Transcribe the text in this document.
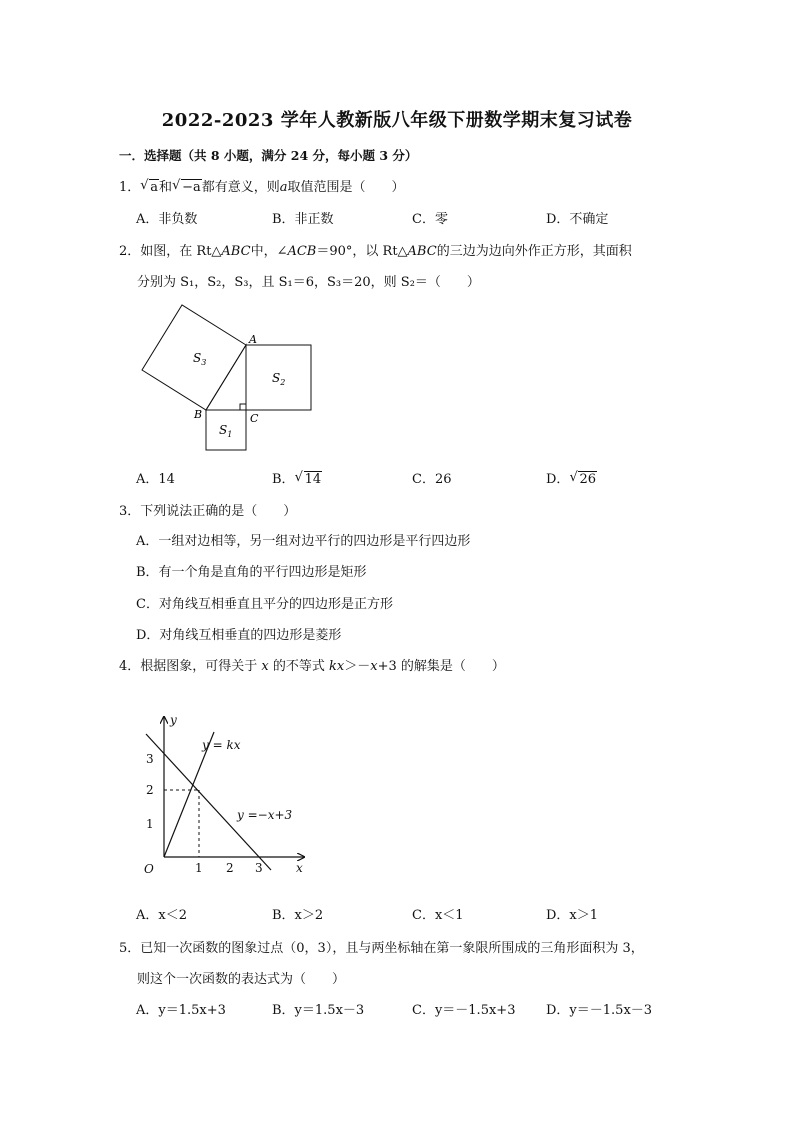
2022-2023 学年人教新版八年级下册数学期末复习试卷
一．选择题（共 8 小题，满分 24 分，每小题 3 分）
1． √ a和 √ −a都有意义，则a取值范围是（　　）
A．非负数	B．非正数	C．零	D．不确定
2．如图，在 Rt△ABC中，∠ACB＝90°，以 Rt△ABC的三边为边向外作正方形，其面积
分别为 S₁，S₂，S₃，且 S₁＝6，S₃＝20，则 S₂＝（　　）
$S_3$
$S_2$
$S_1$
A
B	C
A．14	B． √ 14	C．26	D． √ 26
3．下列说法正确的是（　　）
A．一组对边相等，另一组对边平行的四边形是平行四边形
B．有一个角是直角的平行四边形是矩形
C．对角线互相垂直且平分的四边形是正方形
D．对角线互相垂直的四边形是菱形
4．根据图象，可得关于 x 的不等式 kx＞－x+3 的解集是（　　）
y
x
O
1
2
3
1 2 3
y = kx
y =−x+3
A．x＜2	B．x＞2	C．x＜1	D．x＞1
5．已知一次函数的图象过点（0，3），且与两坐标轴在第一象限所围成的三角形面积为 3，
则这个一次函数的表达式为（　　）
A．y＝1.5x+3	B．y＝1.5x－3	C．y＝－1.5x+3 D．y＝－1.5x－3
